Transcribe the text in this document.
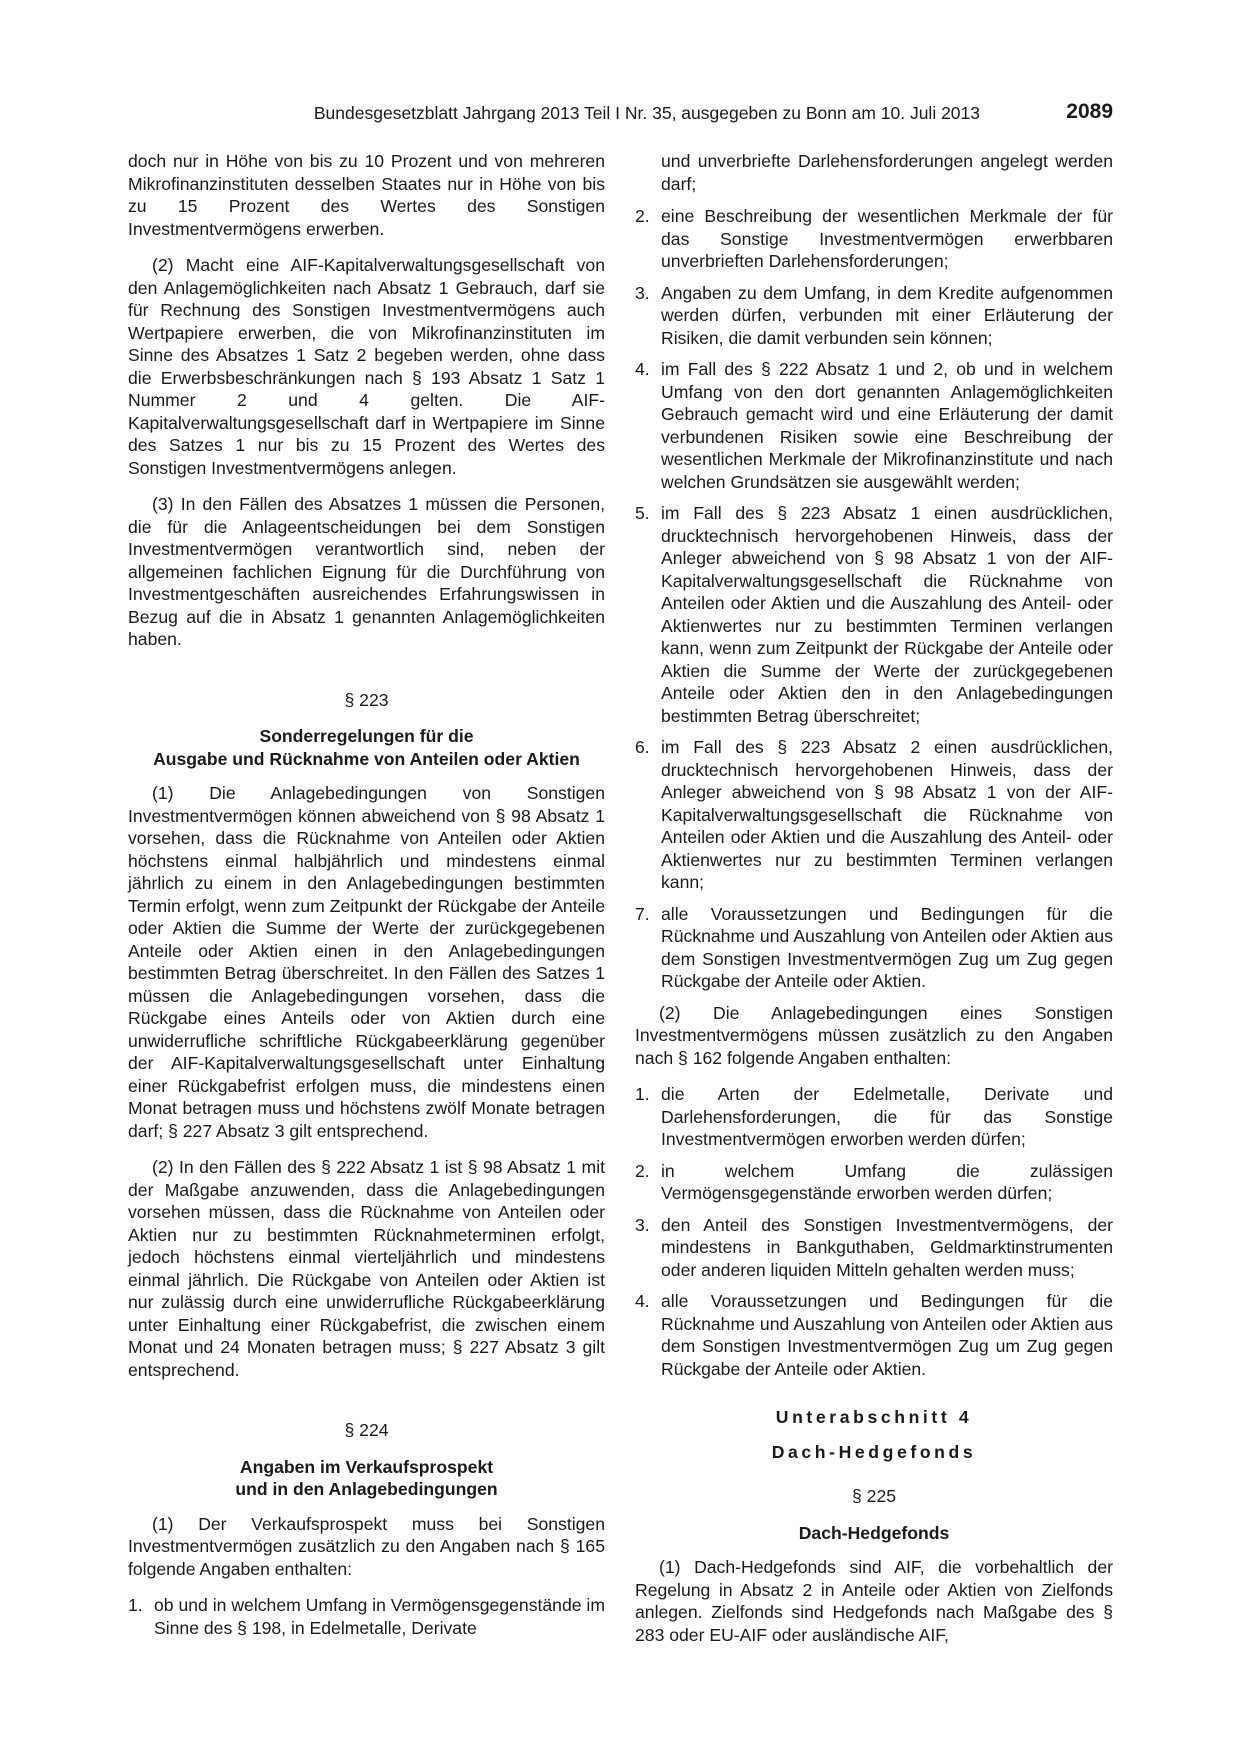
Bundesgesetzblatt Jahrgang 2013 Teil I Nr. 35, ausgegeben zu Bonn am 10. Juli 2013	2089

doch nur in Höhe von bis zu 10 Prozent und von mehreren Mikrofinanzinstituten desselben Staates nur in Höhe von bis zu 15 Prozent des Wertes des Sonstigen Investmentvermögens erwerben.

(2) Macht eine AIF-Kapitalverwaltungsgesellschaft von den Anlagemöglichkeiten nach Absatz 1 Gebrauch, darf sie für Rechnung des Sonstigen Investmentvermögens auch Wertpapiere erwerben, die von Mikrofinanzinstituten im Sinne des Absatzes 1 Satz 2 begeben werden, ohne dass die Erwerbsbeschränkungen nach § 193 Absatz 1 Satz 1 Nummer 2 und 4 gelten. Die AIF-Kapitalverwaltungsgesellschaft darf in Wertpapiere im Sinne des Satzes 1 nur bis zu 15 Prozent des Wertes des Sonstigen Investmentvermögens anlegen.

(3) In den Fällen des Absatzes 1 müssen die Personen, die für die Anlageentscheidungen bei dem Sonstigen Investmentvermögen verantwortlich sind, neben der allgemeinen fachlichen Eignung für die Durchführung von Investmentgeschäften ausreichendes Erfahrungswissen in Bezug auf die in Absatz 1 genannten Anlagemöglichkeiten haben.

§ 223
Sonderregelungen für die
Ausgabe und Rücknahme von Anteilen oder Aktien

(1) Die Anlagebedingungen von Sonstigen Investmentvermögen können abweichend von § 98 Absatz 1 vorsehen, dass die Rücknahme von Anteilen oder Aktien höchstens einmal halbjährlich und mindestens einmal jährlich zu einem in den Anlagebedingungen bestimmten Termin erfolgt, wenn zum Zeitpunkt der Rückgabe der Anteile oder Aktien die Summe der Werte der zurückgegebenen Anteile oder Aktien einen in den Anlagebedingungen bestimmten Betrag überschreitet. In den Fällen des Satzes 1 müssen die Anlagebedingungen vorsehen, dass die Rückgabe eines Anteils oder von Aktien durch eine unwiderrufliche schriftliche Rückgabeerklärung gegenüber der AIF-Kapitalverwaltungsgesellschaft unter Einhaltung einer Rückgabefrist erfolgen muss, die mindestens einen Monat betragen muss und höchstens zwölf Monate betragen darf; § 227 Absatz 3 gilt entsprechend.

(2) In den Fällen des § 222 Absatz 1 ist § 98 Absatz 1 mit der Maßgabe anzuwenden, dass die Anlagebedingungen vorsehen müssen, dass die Rücknahme von Anteilen oder Aktien nur zu bestimmten Rücknahmeterminen erfolgt, jedoch höchstens einmal vierteljährlich und mindestens einmal jährlich. Die Rückgabe von Anteilen oder Aktien ist nur zulässig durch eine unwiderrufliche Rückgabeerklärung unter Einhaltung einer Rückgabefrist, die zwischen einem Monat und 24 Monaten betragen muss; § 227 Absatz 3 gilt entsprechend.

§ 224
Angaben im Verkaufsprospekt
und in den Anlagebedingungen

(1) Der Verkaufsprospekt muss bei Sonstigen Investmentvermögen zusätzlich zu den Angaben nach § 165 folgende Angaben enthalten:

1. ob und in welchem Umfang in Vermögensgegenstände im Sinne des § 198, in Edelmetalle, Derivate
und unverbriefte Darlehensforderungen angelegt werden darf;
2. eine Beschreibung der wesentlichen Merkmale der für das Sonstige Investmentvermögen erwerbbaren unverbrieften Darlehensforderungen;
3. Angaben zu dem Umfang, in dem Kredite aufgenommen werden dürfen, verbunden mit einer Erläuterung der Risiken, die damit verbunden sein können;
4. im Fall des § 222 Absatz 1 und 2, ob und in welchem Umfang von den dort genannten Anlagemöglichkeiten Gebrauch gemacht wird und eine Erläuterung der damit verbundenen Risiken sowie eine Beschreibung der wesentlichen Merkmale der Mikrofinanzinstitute und nach welchen Grundsätzen sie ausgewählt werden;
5. im Fall des § 223 Absatz 1 einen ausdrücklichen, drucktechnisch hervorgehobenen Hinweis, dass der Anleger abweichend von § 98 Absatz 1 von der AIF-Kapitalverwaltungsgesellschaft die Rücknahme von Anteilen oder Aktien und die Auszahlung des Anteil- oder Aktienwertes nur zu bestimmten Terminen verlangen kann, wenn zum Zeitpunkt der Rückgabe der Anteile oder Aktien die Summe der Werte der zurückgegebenen Anteile oder Aktien den in den Anlagebedingungen bestimmten Betrag überschreitet;
6. im Fall des § 223 Absatz 2 einen ausdrücklichen, drucktechnisch hervorgehobenen Hinweis, dass der Anleger abweichend von § 98 Absatz 1 von der AIF-Kapitalverwaltungsgesellschaft die Rücknahme von Anteilen oder Aktien und die Auszahlung des Anteil- oder Aktienwertes nur zu bestimmten Terminen verlangen kann;
7. alle Voraussetzungen und Bedingungen für die Rücknahme und Auszahlung von Anteilen oder Aktien aus dem Sonstigen Investmentvermögen Zug um Zug gegen Rückgabe der Anteile oder Aktien.

(2) Die Anlagebedingungen eines Sonstigen Investmentvermögens müssen zusätzlich zu den Angaben nach § 162 folgende Angaben enthalten:

1. die Arten der Edelmetalle, Derivate und Darlehensforderungen, die für das Sonstige Investmentvermögen erworben werden dürfen;
2. in welchem Umfang die zulässigen Vermögensgegenstände erworben werden dürfen;
3. den Anteil des Sonstigen Investmentvermögens, der mindestens in Bankguthaben, Geldmarktinstrumenten oder anderen liquiden Mitteln gehalten werden muss;
4. alle Voraussetzungen und Bedingungen für die Rücknahme und Auszahlung von Anteilen oder Aktien aus dem Sonstigen Investmentvermögen Zug um Zug gegen Rückgabe der Anteile oder Aktien.
Unterabschnitt 4
Dach-Hedgefonds
§ 225
Dach-Hedgefonds

(1) Dach-Hedgefonds sind AIF, die vorbehaltlich der Regelung in Absatz 2 in Anteile oder Aktien von Zielfonds anlegen. Zielfonds sind Hedgefonds nach Maßgabe des § 283 oder EU-AIF oder ausländische AIF,
